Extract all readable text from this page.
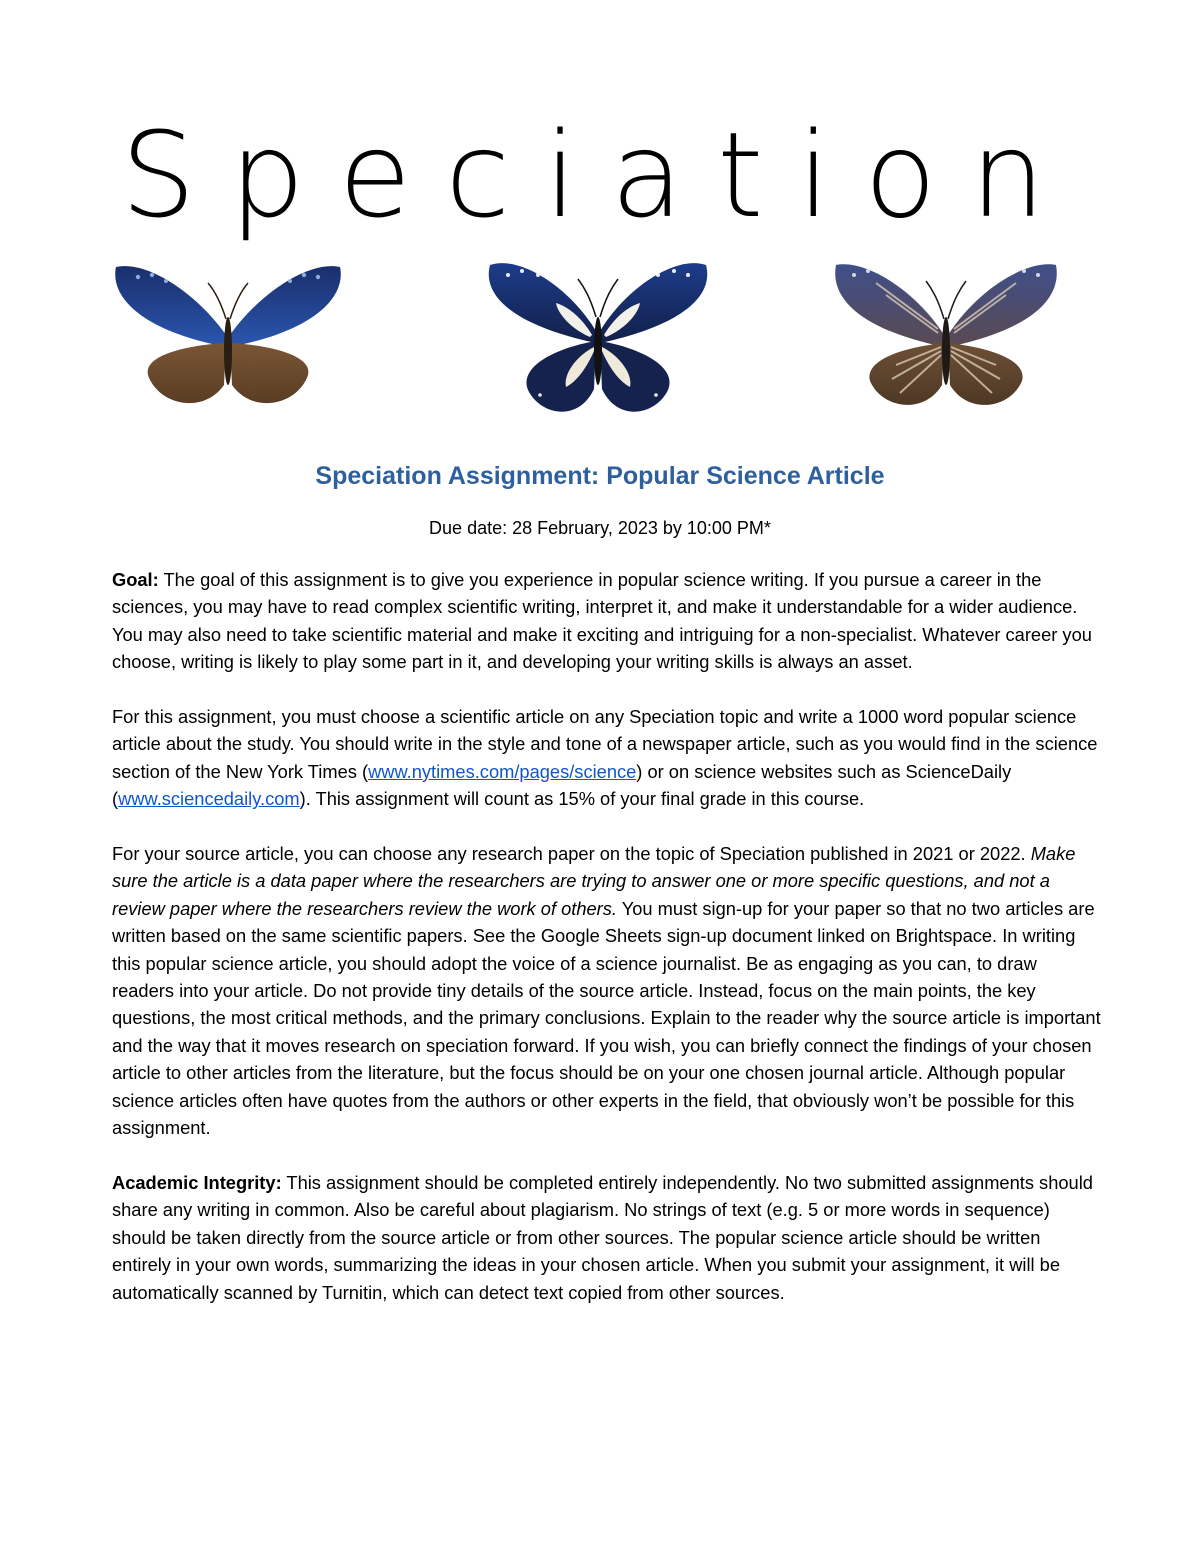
Speciation
Speciation Assignment: Popular Science Article
Due date: 28 February, 2023 by 10:00 PM*

Goal: The goal of this assignment is to give you experience in popular science writing. If you pursue a career in the sciences, you may have to read complex scientific writing, interpret it, and make it understandable for a wider audience. You may also need to take scientific material and make it exciting and intriguing for a non-specialist. Whatever career you choose, writing is likely to play some part in it, and developing your writing skills is always an asset.

For this assignment, you must choose a scientific article on any Speciation topic and write a 1000 word popular science article about the study. You should write in the style and tone of a newspaper article, such as you would find in the science section of the New York Times (www.nytimes.com/pages/science) or on science websites such as ScienceDaily (www.sciencedaily.com). This assignment will count as 15% of your final grade in this course.

For your source article, you can choose any research paper on the topic of Speciation published in 2021 or 2022. Make sure the article is a data paper where the researchers are trying to answer one or more specific questions, and not a review paper where the researchers review the work of others. You must sign-up for your paper so that no two articles are written based on the same scientific papers. See the Google Sheets sign-up document linked on Brightspace. In writing this popular science article, you should adopt the voice of a science journalist. Be as engaging as you can, to draw readers into your article. Do not provide tiny details of the source article. Instead, focus on the main points, the key questions, the most critical methods, and the primary conclusions. Explain to the reader why the source article is important and the way that it moves research on speciation forward. If you wish, you can briefly connect the findings of your chosen article to other articles from the literature, but the focus should be on your one chosen journal article. Although popular science articles often have quotes from the authors or other experts in the field, that obviously won’t be possible for this assignment.

Academic Integrity: This assignment should be completed entirely independently. No two submitted assignments should share any writing in common. Also be careful about plagiarism. No strings of text (e.g. 5 or more words in sequence) should be taken directly from the source article or from other sources. The popular science article should be written entirely in your own words, summarizing the ideas in your chosen article. When you submit your assignment, it will be automatically scanned by Turnitin, which can detect text copied from other sources.
